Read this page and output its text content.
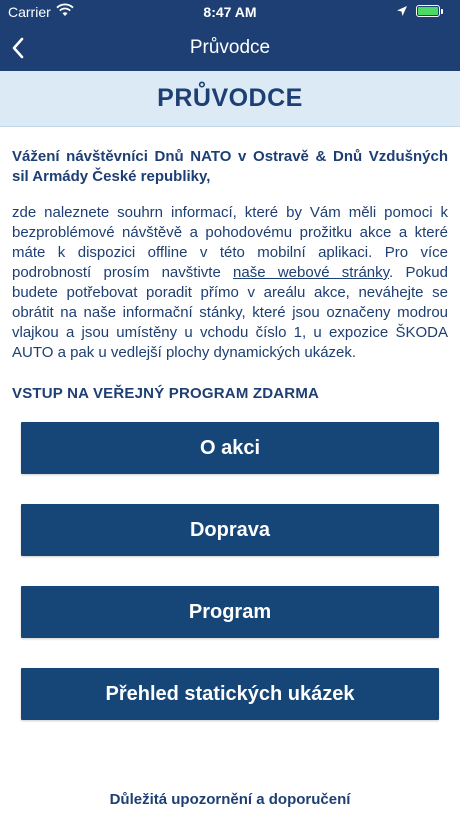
Carrier	8:47 AM
Průvodce
PRŮVODCE

Vážení návštěvníci Dnů NATO v Ostravě & Dnů Vzdušných sil Armády České republiky,

zde naleznete souhrn informací, které by Vám měli pomoci k bezproblémové návštěvě a pohodovému prožitku akce a které máte k dispozici offline v této mobilní aplikaci. Pro více podrobností prosím navštivte naše webové stránky. Pokud budete potřebovat poradit přímo v areálu akce, neváhejte se obrátit na naše informační stánky, které jsou označeny modrou vlajkou a jsou umístěny u vchodu číslo 1, u expozice ŠKODA AUTO a pak u vedlejší plochy dynamických ukázek.

VSTUP NA VEŘEJNÝ PROGRAM ZDARMA
O akci
Doprava
Program
Přehled statických ukázek
Důležitá upozornění a doporučení
